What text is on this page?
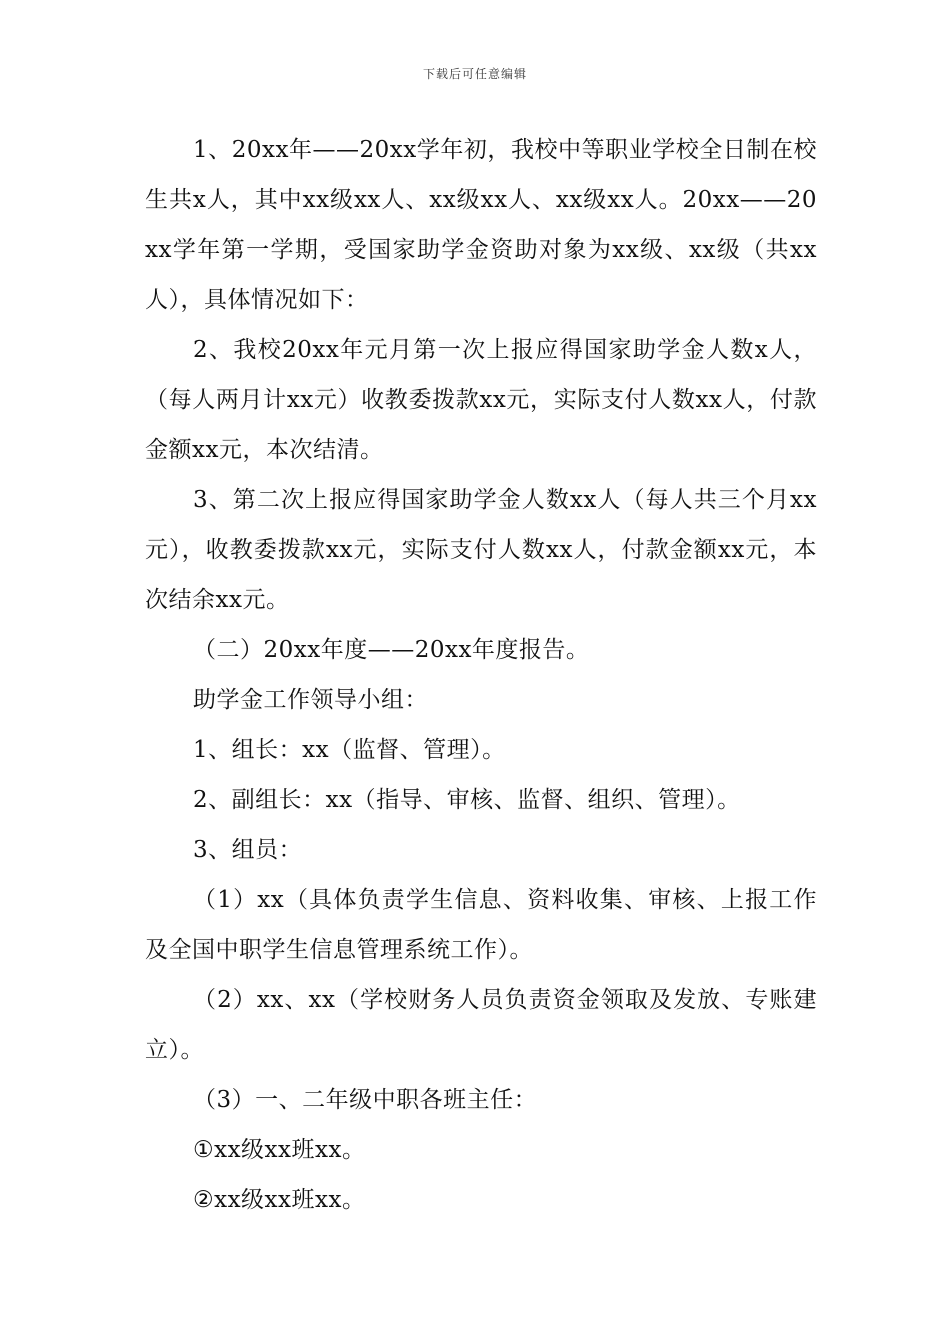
下载后可任意编辑

1、20xx年——20xx学年初，我校中等职业学校全日制在校生共x人，其中xx级xx人、xx级xx人、xx级xx人。20xx——20xx学年第一学期，受国家助学金资助对象为xx级、xx级（共xx人），具体情况如下：

2、我校20xx年元月第一次上报应得国家助学金人数x人，（每人两月计xx元）收教委拨款xx元，实际支付人数xx人，付款金额xx元，本次结清。

3、第二次上报应得国家助学金人数xx人（每人共三个月xx元），收教委拨款xx元，实际支付人数xx人，付款金额xx元，本次结余xx元。

（二）20xx年度——20xx年度报告。

助学金工作领导小组：

1、组长：xx（监督、管理）。

2、副组长：xx（指导、审核、监督、组织、管理）。

3、组员：

（1）xx（具体负责学生信息、资料收集、审核、上报工作及全国中职学生信息管理系统工作）。

（2）xx、xx（学校财务人员负责资金领取及发放、专账建立）。

（3）一、二年级中职各班主任：

①xx级xx班xx。

②xx级xx班xx。
